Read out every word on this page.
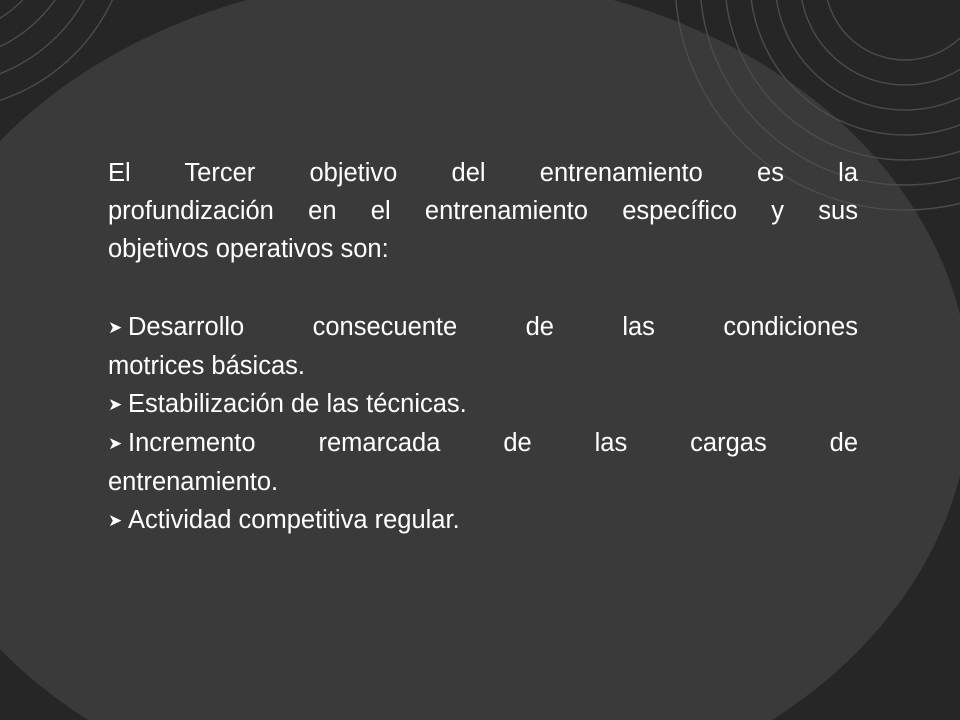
El Tercer objetivo del entrenamiento es la
profundización en el entrenamiento específico y sus
objetivos operativos son:

➤ Desarrollo consecuente de las condiciones
motrices básicas.
➤ Estabilización de las técnicas.
➤ Incremento remarcada de las cargas de
entrenamiento.
➤ Actividad competitiva regular.
